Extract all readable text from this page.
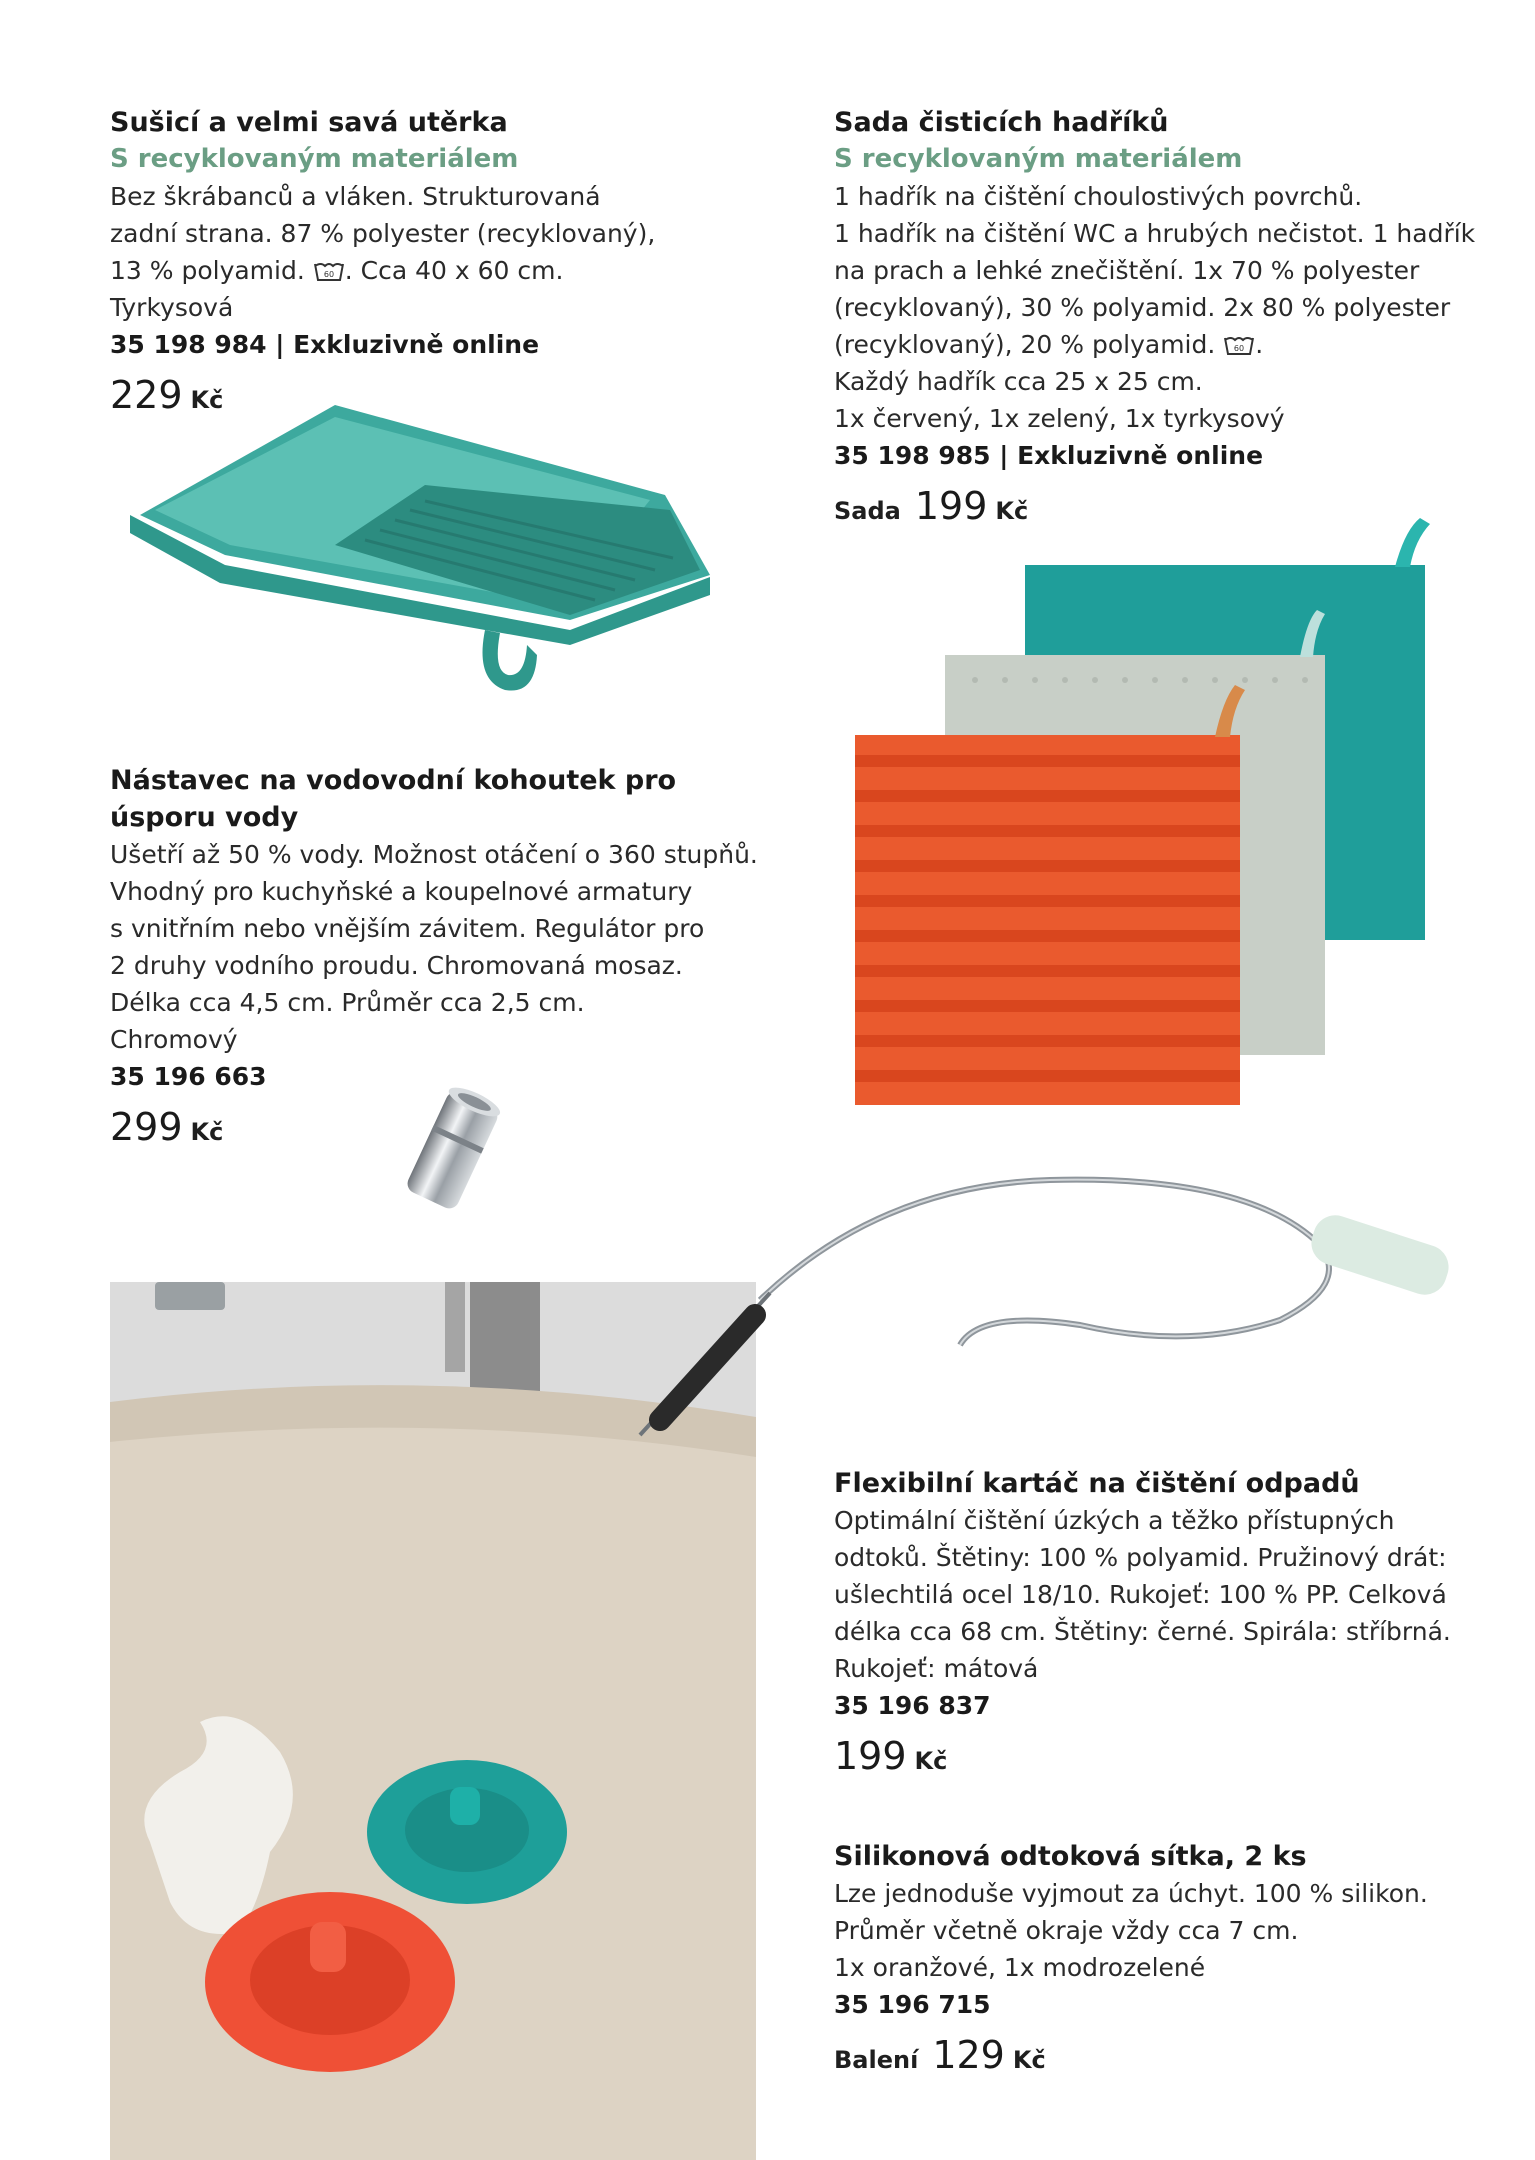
Sušicí a velmi savá utěrka
S recyklovaným materiálem
Bez škrábanců a vláken. Strukturovaná
zadní strana. 87 % polyester (recyklovaný),
13 % polyamid. 60 . Cca 40 x 60 cm.
Tyrkysová
35 198 984 | Exkluzivně online
229 Kč
Sada čisticích hadříků
S recyklovaným materiálem
1 hadřík na čištění choulostivých povrchů.
1 hadřík na čištění WC a hrubých nečistot. 1 hadřík
na prach a lehké znečištění. 1x 70 % polyester
(recyklovaný), 30 % polyamid. 2x 80 % polyester
(recyklovaný), 20 % polyamid. 60 .
Každý hadřík cca 25 x 25 cm.
1x červený, 1x zelený, 1x tyrkysový
35 198 985 | Exkluzivně online
Sada 199 Kč
Nástavec na vodovodní kohoutek pro úsporu vody
Ušetří až 50 % vody. Možnost otáčení o 360 stupňů.
Vhodný pro kuchyňské a koupelnové armatury
s vnitřním nebo vnějším závitem. Regulátor pro
2 druhy vodního proudu. Chromovaná mosaz.
Délka cca 4,5 cm. Průměr cca 2,5 cm.
Chromový
35 196 663
299 Kč
Flexibilní kartáč na čištění odpadů
Optimální čištění úzkých a těžko přístupných
odtoků. Štětiny: 100 % polyamid. Pružinový drát:
ušlechtilá ocel 18/10. Rukojeť: 100 % PP. Celková
délka cca 68 cm. Štětiny: černé. Spirála: stříbrná.
Rukojeť: mátová
35 196 837
199 Kč
Silikonová odtoková sítka, 2 ks
Lze jednoduše vyjmout za úchyt. 100 % silikon.
Průměr včetně okraje vždy cca 7 cm.
1x oranžové, 1x modrozelené
35 196 715
Balení 129 Kč
